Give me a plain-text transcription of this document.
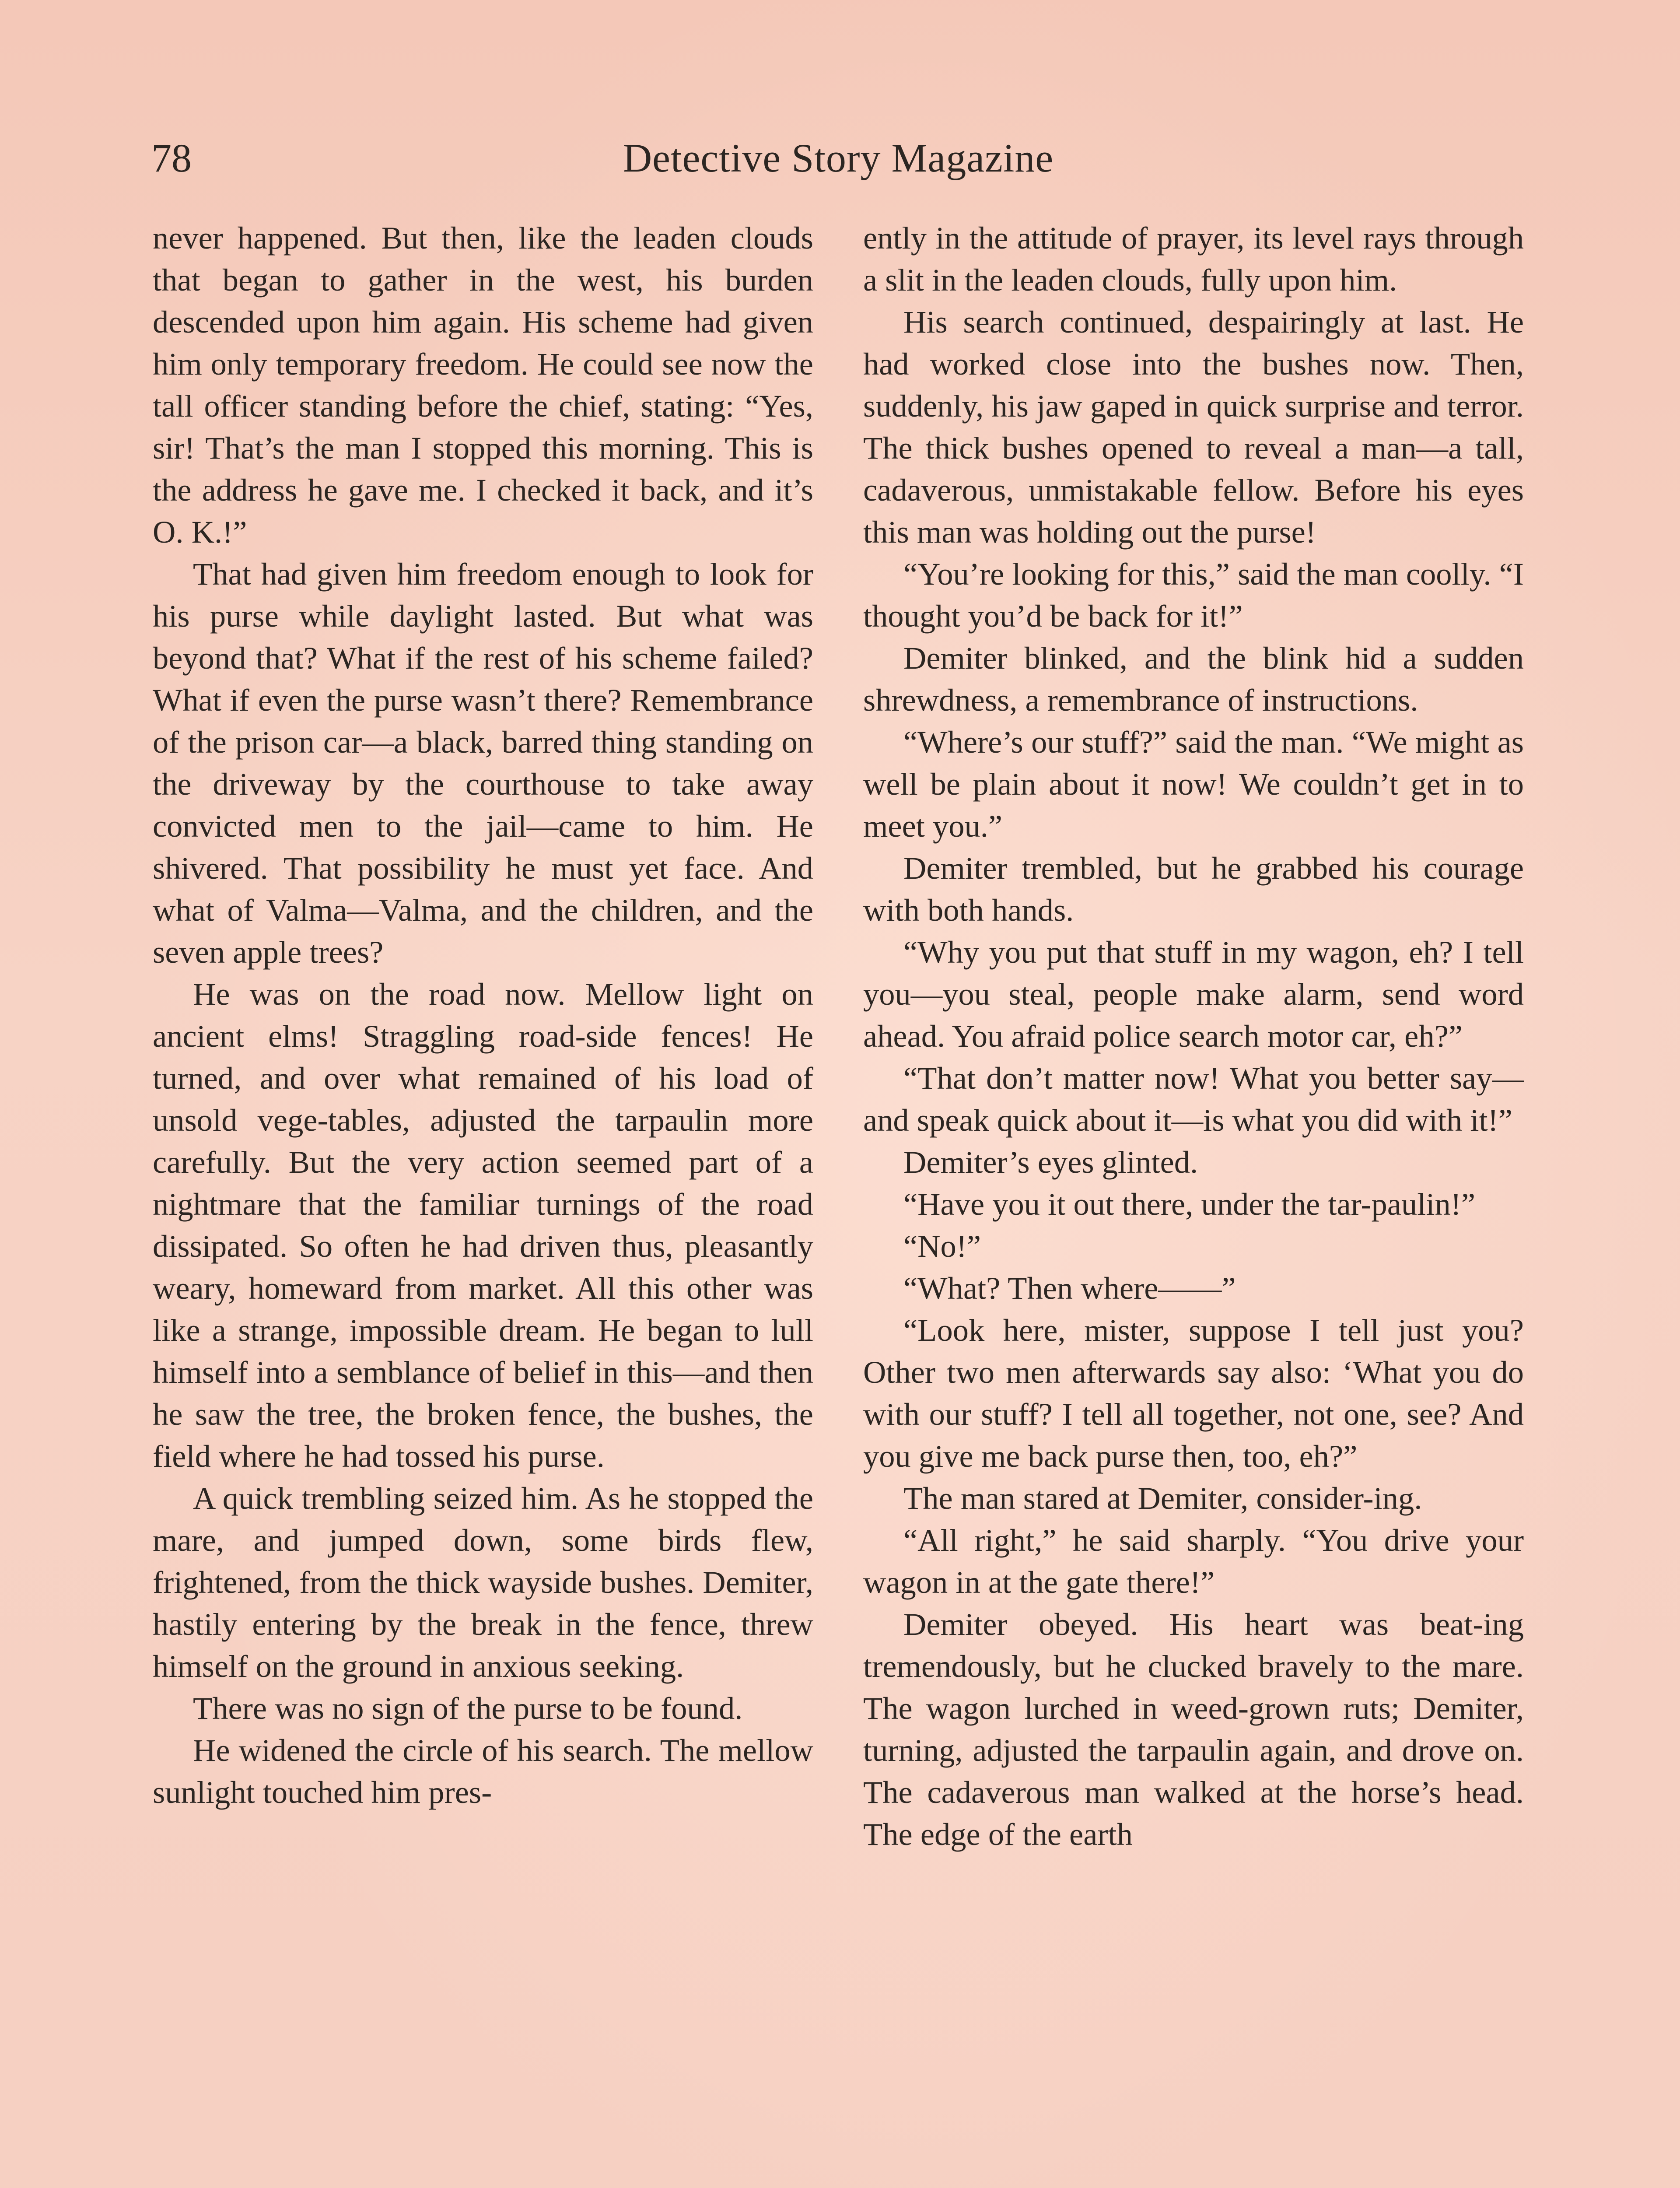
78	Detective Story Magazine

never happened. But then, like the leaden clouds that began to gather in the west, his burden descended upon him again. His scheme had given him only temporary freedom. He could see now the tall officer standing before the chief, stating: “Yes, sir! That’s the man I stopped this morning. This is the address he gave me. I checked it back, and it’s O. K.!”

That had given him freedom enough to look for his purse while daylight lasted. But what was beyond that? What if the rest of his scheme failed? What if even the purse wasn’t there? Remembrance of the prison car—a black, barred thing standing on the driveway by the courthouse to take away convicted men to the jail—came to him. He shivered. That possibility he must yet face. And what of Valma—Valma, and the children, and the seven apple trees?

He was on the road now. Mellow light on ancient elms! Straggling road-side fences! He turned, and over what remained of his load of unsold vege-tables, adjusted the tarpaulin more carefully. But the very action seemed part of a nightmare that the familiar turnings of the road dissipated. So often he had driven thus, pleasantly weary, homeward from market. All this other was like a strange, impossible dream. He began to lull himself into a semblance of belief in this—and then he saw the tree, the broken fence, the bushes, the field where he had tossed his purse.

A quick trembling seized him. As he stopped the mare, and jumped down, some birds flew, frightened, from the thick wayside bushes. Demiter, hastily entering by the break in the fence, threw himself on the ground in anxious seeking.

There was no sign of the purse to be found.

He widened the circle of his search. The mellow sunlight touched him pres-

ently in the attitude of prayer, its level rays through a slit in the leaden clouds, fully upon him.

His search continued, despairingly at last. He had worked close into the bushes now. Then, suddenly, his jaw gaped in quick surprise and terror. The thick bushes opened to reveal a man—a tall, cadaverous, unmistakable fellow. Before his eyes this man was holding out the purse!

“You’re looking for this,” said the man coolly. “I thought you’d be back for it!”

Demiter blinked, and the blink hid a sudden shrewdness, a remembrance of instructions.

“Where’s our stuff?” said the man. “We might as well be plain about it now! We couldn’t get in to meet you.”

Demiter trembled, but he grabbed his courage with both hands.

“Why you put that stuff in my wagon, eh? I tell you—you steal, people make alarm, send word ahead. You afraid police search motor car, eh?”

“That don’t matter now! What you better say—and speak quick about it—is what you did with it!”

Demiter’s eyes glinted.

“Have you it out there, under the tar-paulin!”

“No!”

“What? Then where——”

“Look here, mister, suppose I tell just you? Other two men afterwards say also: ‘What you do with our stuff? I tell all together, not one, see? And you give me back purse then, too, eh?”

The man stared at Demiter, consider-ing.

“All right,” he said sharply. “You drive your wagon in at the gate there!”

Demiter obeyed. His heart was beat-ing tremendously, but he clucked bravely to the mare. The wagon lurched in weed-grown ruts; Demiter, turning, adjusted the tarpaulin again, and drove on. The cadaverous man walked at the horse’s head. The edge of the earth
